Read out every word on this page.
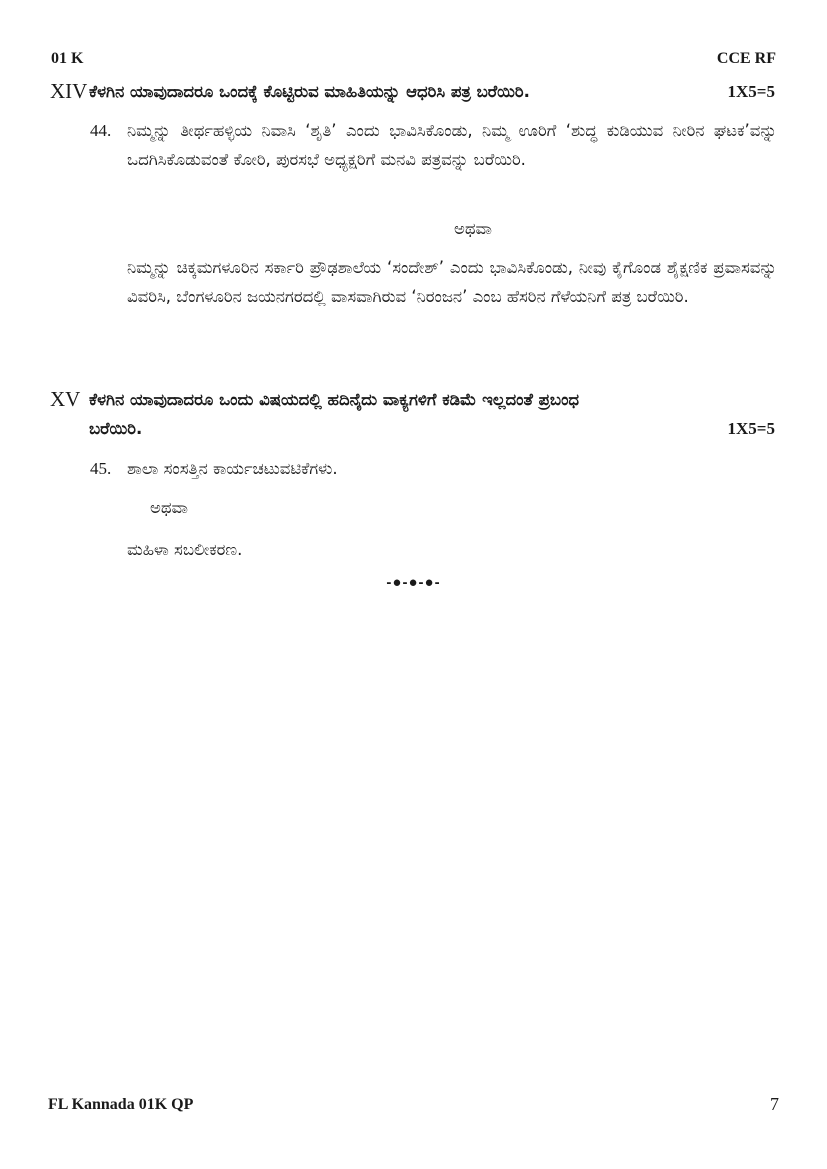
01 K	CCE RF
XIV ಕೆಳಗಿನ ಯಾವುದಾದರೂ ಒಂದಕ್ಕೆ ಕೊಟ್ಟಿರುವ ಮಾಹಿತಿಯನ್ನು ಆಧರಿಸಿ ಪತ್ರ ಬರೆಯಿರಿ.	1X5=5
44. ನಿಮ್ಮನ್ನು ತೀರ್ಥಹಳ್ಳಿಯ ನಿವಾಸಿ ‘ಶೃತಿ’ ಎಂದು ಭಾವಿಸಿಕೊಂಡು, ನಿಮ್ಮ ಊರಿಗೆ ‘ಶುದ್ಧ ಕುಡಿಯುವ ನೀರಿನ ಘಟಕ’ವನ್ನು ಒದಗಿಸಿಕೊಡುವಂತೆ ಕೋರಿ, ಪುರಸಭೆ ಅಧ್ಯಕ್ಷರಿಗೆ ಮನವಿ ಪತ್ರವನ್ನು ಬರೆಯಿರಿ.
ಅಥವಾ
ನಿಮ್ಮನ್ನು ಚಿಕ್ಕಮಗಳೂರಿನ ಸರ್ಕಾರಿ ಪ್ರೌಢಶಾಲೆಯ ‘ಸಂದೇಶ್’ ಎಂದು ಭಾವಿಸಿಕೊಂಡು, ನೀವು ಕೈಗೊಂಡ ಶೈಕ್ಷಣಿಕ ಪ್ರವಾಸವನ್ನು ವಿವರಿಸಿ, ಬೆಂಗಳೂರಿನ ಜಯನಗರದಲ್ಲಿ ವಾಸವಾಗಿರುವ ‘ನಿರಂಜನ’ ಎಂಬ ಹೆಸರಿನ ಗೆಳೆಯನಿಗೆ ಪತ್ರ ಬರೆಯಿರಿ.
XV ಕೆಳಗಿನ ಯಾವುದಾದರೂ ಒಂದು ವಿಷಯದಲ್ಲಿ ಹದಿನೈದು ವಾಕ್ಯಗಳಿಗೆ ಕಡಿಮೆ ಇಲ್ಲದಂತೆ ಪ್ರಬಂಧ
ಬರೆಯಿರಿ.	1X5=5
45. ಶಾಲಾ ಸಂಸತ್ತಿನ ಕಾರ್ಯಚಟುವಟಿಕೆಗಳು.
ಅಥವಾ
ಮಹಿಳಾ ಸಬಲೀಕರಣ.
-●-●-●-
FL Kannada 01K QP	7
